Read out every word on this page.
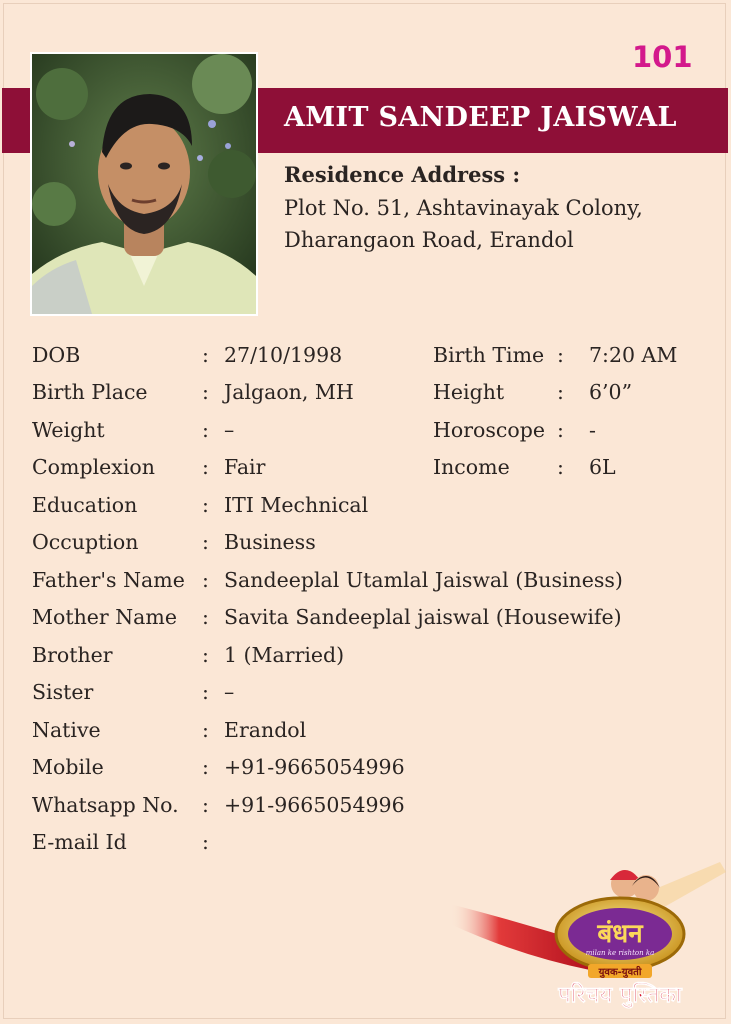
101
AMIT SANDEEP JAISWAL
Residence Address :
Plot No. 51, Ashtavinayak Colony,
Dharangaon Road, Erandol
DOB	: 27/10/1998	Birth Time : 7:20 AM
Birth Place	: Jalgaon, MH	Height	: 6’0”
Weight	: –	Horoscope : -
Complexion : Fair	Income : 6L
Education	: ITI Mechnical
Occuption	: Business
Father's Name : Sandeeplal Utamlal Jaiswal (Business)
Mother Name : Savita Sandeeplal jaiswal (Housewife)
Brother	: 1 (Married)
Sister	: –
Native	: Erandol
Mobile	: +91-9665054996
Whatsapp No. : +91-9665054996
E-mail Id	:
बंधन
milan ke rishton ka
युवक-युवती
परिचय पुस्तिका
